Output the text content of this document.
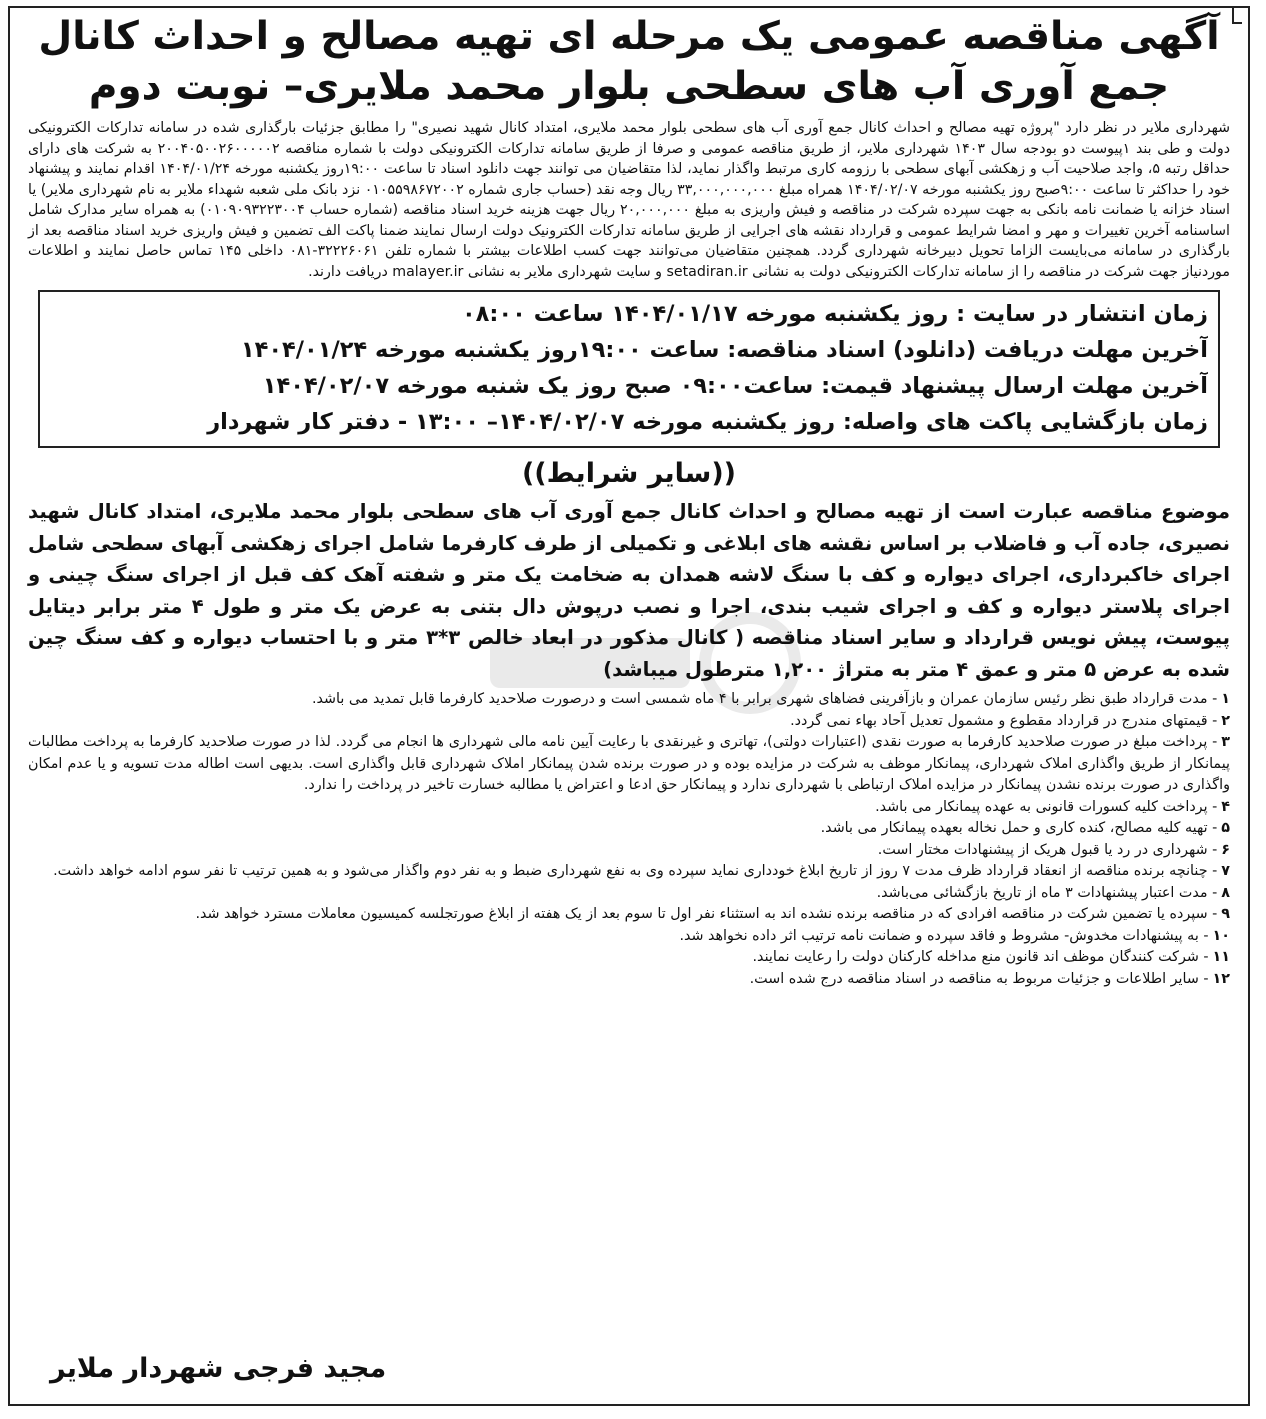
آگهی مناقصه عمومی یک مرحله ای تهیه مصالح و احداث کانال
جمع آوری آب های سطحی بلوار محمد ملایری– نوبت دوم

شهرداری ملایر در نظر دارد "پروژه تهیه مصالح و احداث کانال جمع آوری آب های سطحی بلوار محمد ملایری، امتداد کانال شهید نصیری" را مطابق جزئیات بارگذاری شده در سامانه تدارکات الکترونیکی دولت و طی بند ۱پیوست دو بودجه سال ۱۴۰۳ شهرداری ملایر، از طریق مناقصه عمومی و صرفا از طریق سامانه تدارکات الکترونیکی دولت با شماره مناقصه ۲۰۰۴۰۵۰۰۲۶۰۰۰۰۰۲ به شرکت های دارای حداقل رتبه ۵، واجد صلاحیت آب و زهکشی آبهای سطحی با رزومه کاری مرتبط واگذار نماید، لذا متقاضیان می توانند جهت دانلود اسناد تا ساعت ۱۹:۰۰روز یکشنبه مورخه ۱۴۰۴/۰۱/۲۴ اقدام نمایند و پیشنهاد خود را حداکثر تا ساعت ۹:۰۰صبح روز یکشنبه مورخه ۱۴۰۴/۰۲/۰۷ همراه مبلغ ۳۳,۰۰۰,۰۰۰,۰۰۰ ریال وجه نقد (حساب جاری شماره ۰۱۰۵۵۹۸۶۷۲۰۰۲ نزد بانک ملی شعبه شهداء ملایر به نام شهرداری ملایر) یا اسناد خزانه یا ضمانت نامه بانکی به جهت سپرده شرکت در مناقصه و فیش واریزی به مبلغ ۲۰,۰۰۰,۰۰۰ ریال جهت هزینه خرید اسناد مناقصه (شماره حساب ۰۱۰۹۰۹۳۲۲۳۰۰۴) به همراه سایر مدارک شامل اساسنامه آخرین تغییرات و مهر و امضا شرایط عمومی و قرارداد نقشه های اجرایی از طریق سامانه تدارکات الکترونیک دولت ارسال نمایند ضمنا پاکت الف تضمین و فیش واریزی خرید اسناد مناقصه بعد از بارگذاری در سامانه می‌بایست الزاما تحویل دبیرخانه شهرداری گردد. همچنین متقاضیان می‌توانند جهت کسب اطلاعات بیشتر با شماره تلفن ۳۲۲۲۶۰۶۱-۰۸۱ داخلی ۱۴۵ تماس حاصل نمایند و اطلاعات موردنیاز جهت شرکت در مناقصه را از سامانه تدارکات الکترونیکی دولت به نشانی setadiran.ir و سایت شهرداری ملایر به نشانی malayer.ir دریافت دارند.

زمان انتشار در سایت : روز یکشنبه مورخه ۱۴۰۴/۰۱/۱۷ ساعت ۰۸:۰۰
آخرین مهلت دریافت (دانلود) اسناد مناقصه: ساعت ۱۹:۰۰روز یکشنبه مورخه ۱۴۰۴/۰۱/۲۴
آخرین مهلت ارسال پیشنهاد قیمت: ساعت۰۹:۰۰ صبح روز یک شنبه مورخه ۱۴۰۴/۰۲/۰۷
زمان بازگشایی پاکت های واصله: روز یکشنبه مورخه ۱۴۰۴/۰۲/۰۷– ۱۳:۰۰ - دفتر کار شهردار
((سایر شرایط))

موضوع مناقصه عبارت است از تهیه مصالح و احداث کانال جمع آوری آب های سطحی بلوار محمد ملایری، امتداد کانال شهید نصیری، جاده آب و فاضلاب بر اساس نقشه های ابلاغی و تکمیلی از طرف کارفرما شامل اجرای زهکشی آبهای سطحی شامل اجرای خاکبرداری، اجرای دیواره و کف با سنگ لاشه همدان به ضخامت یک متر و شفته آهک کف قبل از اجرای سنگ چینی و اجرای پلاستر دیواره و کف و اجرای شیب بندی، اجرا و نصب درپوش دال بتنی به عرض یک متر و طول ۴ متر برابر دیتایل پیوست، پیش نویس قرارداد و سایر اسناد مناقصه ( کانال مذکور در ابعاد خالص ۳*۳ متر و با احتساب دیواره و کف سنگ چین شده به عرض ۵ متر و عمق ۴ متر به متراژ ۱,۲۰۰ مترطول میباشد)

۱- مدت قرارداد طبق نظر رئیس سازمان عمران و بازآفرینی فضاهای شهری برابر با ۴ ماه شمسی است و درصورت صلاحدید کارفرما قابل تمدید می باشد.
۲- قیمتهای مندرج در قرارداد مقطوع و مشمول تعدیل آحاد بهاء نمی گردد.
۳- پرداخت مبلغ در صورت صلاحدید کارفرما به صورت نقدی (اعتبارات دولتی)، تهاتری و غیرنقدی با رعایت آیین نامه مالی شهرداری ها انجام می گردد. لذا در صورت صلاحدید کارفرما به پرداخت مطالبات پیمانکار از طریق واگذاری املاک شهرداری، پیمانکار موظف به شرکت در مزایده بوده و در صورت برنده شدن پیمانکار املاک شهرداری قابل واگذاری است. بدیهی است اطاله مدت تسویه و یا عدم امکان واگذاری در صورت برنده نشدن پیمانکار در مزایده املاک ارتباطی با شهرداری ندارد و پیمانکار حق ادعا و اعتراض یا مطالبه خسارت تاخیر در پرداخت را ندارد.
۴- پرداخت کلیه کسورات قانونی به عهده پیمانکار می باشد.
۵- تهیه کلیه مصالح، کنده کاری و حمل نخاله بعهده پیمانکار می باشد.
۶- شهرداری در رد یا قبول هریک از پیشنهادات مختار است.
۷- چنانچه برنده مناقصه از انعقاد قرارداد ظرف مدت ۷ روز از تاریخ ابلاغ خودداری نماید سپرده وی به نفع شهرداری ضبط و به نفر دوم واگذار می‌شود و به همین ترتیب تا نفر سوم ادامه خواهد داشت.
۸- مدت اعتبار پیشنهادات ۳ ماه از تاریخ بازگشائی می‌باشد.
۹- سپرده یا تضمین شرکت در مناقصه افرادی که در مناقصه برنده نشده اند به استثناء نفر اول تا سوم بعد از یک هفته از ابلاغ صورتجلسه کمیسیون معاملات مسترد خواهد شد.
۱۰- به پیشنهادات مخدوش- مشروط و فاقد سپرده و ضمانت نامه ترتیب اثر داده نخواهد شد.
۱۱- شرکت کنندگان موظف اند قانون منع مداخله کارکنان دولت را رعایت نمایند.
۱۲- سایر اطلاعات و جزئیات مربوط به مناقصه در اسناد مناقصه درج شده است.
مجید فرجی شهردار ملایر
